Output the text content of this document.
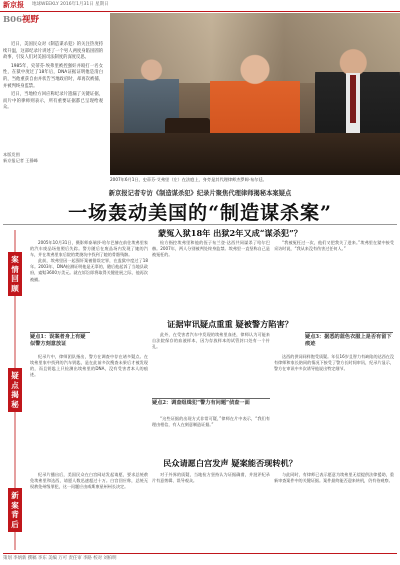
新京报 地球WEEKLY 2016年1月31日 星期日
B06视野

近日，美国民众对《制造谋杀犯》的关注热度持续升温，这部纪录片讲述了一个男人两度身陷囹圄的故事，引发人们对美国司法制度的深度反思。

1985年，史蒂芬·埃弗里被控强奸并殴打一名女性，在狱中度过了18年后，DNA证据证明他是清白的，当他重获自由并状告当地政府时，却再次被捕，并被判终身监禁。

近日，当地检方回应称纪录片遗漏了关键证据，而片中的律师则表示，所有重要证据都已呈现给观众。

本版发图
新京报记者 王静峰
2007年6月1日，史蒂芬·艾弗里（左）在法庭上，身旁是其代理律师杰罗姆·布尔廷。
新京报记者专访《制造谋杀犯》纪录片聚焦代理律师揭秘本案疑点
一场轰动美国的“制造谋杀案”
案情回顾
疑点揭秘
新案背后
蒙冤入狱18年 出狱2年又成“谋杀犯”？

2005年10月31日，摄影师泰瑞莎·哈尔巴赫在前往埃弗里家的汽车废品场拍照后失踪。警方随后在废品场内发现了她的汽车，并在埃弗里家后院的焚烧坑中找到了她的骨骼残骸。

此前，埃弗里因一起强奸案被错误定罪，在监狱中度过了18年。2003年，DNA检测证明他是无辜的，随后他起诉了当地县政府，索赔3600万美元。就在诉讼即将取得关键进展之际，他再次被捕。

检方指控埃弗里和他的侄子布兰登·达西共同谋杀了哈尔巴赫。2007年，两人分别被判处终身监禁。埃弗里一直坚称自己是被冤枉的。

“我被冤枉过一次，他们又把我关了进来。”埃弗里在狱中接受采访时说，“我从来没有伤害过任何人。”

证据审讯疑点重重 疑被警方陷害？
疑点1：误案者身上有疑似警方刻意放证

纪录片中，律师团队指出，警方在调查中存在诸多疑点。在埃弗里家中找到的汽车钥匙，是在此前多次搜查未果后才被发现的，而且钥匙上只检测出埃弗里的DNA，没有受害者本人的痕迹。

此外，在受害者汽车中发现的埃弗里血迹，律师认为可能来自法院保存的血液样本，因为存放样本的试管封口处有一个针孔。

疑点2：调查组缉犯“警力有问题”侦查一面

“这些证据的出现方式非常可疑，”律师在片中表示，“我们有理由相信，有人在刻意制造证据。”

疑点3：据悉的蓝色衣服上是否有留下痕迹

达西的供词同样饱受质疑。年仅16岁且智力有缺陷的达西在没有律师和家长陪同的情况下接受了警方长时间审讯，纪录片显示，警方在审讯中多次诱导他说出特定细节。

民众请愿白宫发声 疑案能否现转机？

纪录片播出后，美国民众在白宫网站发起请愿，要求总统赦免埃弗里和达西，请愿人数迅速超过十万。白宫回应称，总统无权赦免州级罪犯，这一问题应由威斯康星州州长决定。

对于外界的质疑，当地检方坚持认为证据确凿，并批评纪录片有意剪辑、误导观众。

与此同时，有律师已表示愿意为埃弗里无偿提供法律援助，重新审查案件中的关键证据。案件最终能否迎来转机，仍有待观察。

策划 李炳新 撰稿 李东 美编 万可 责任审 李路 校对 刘柏明
